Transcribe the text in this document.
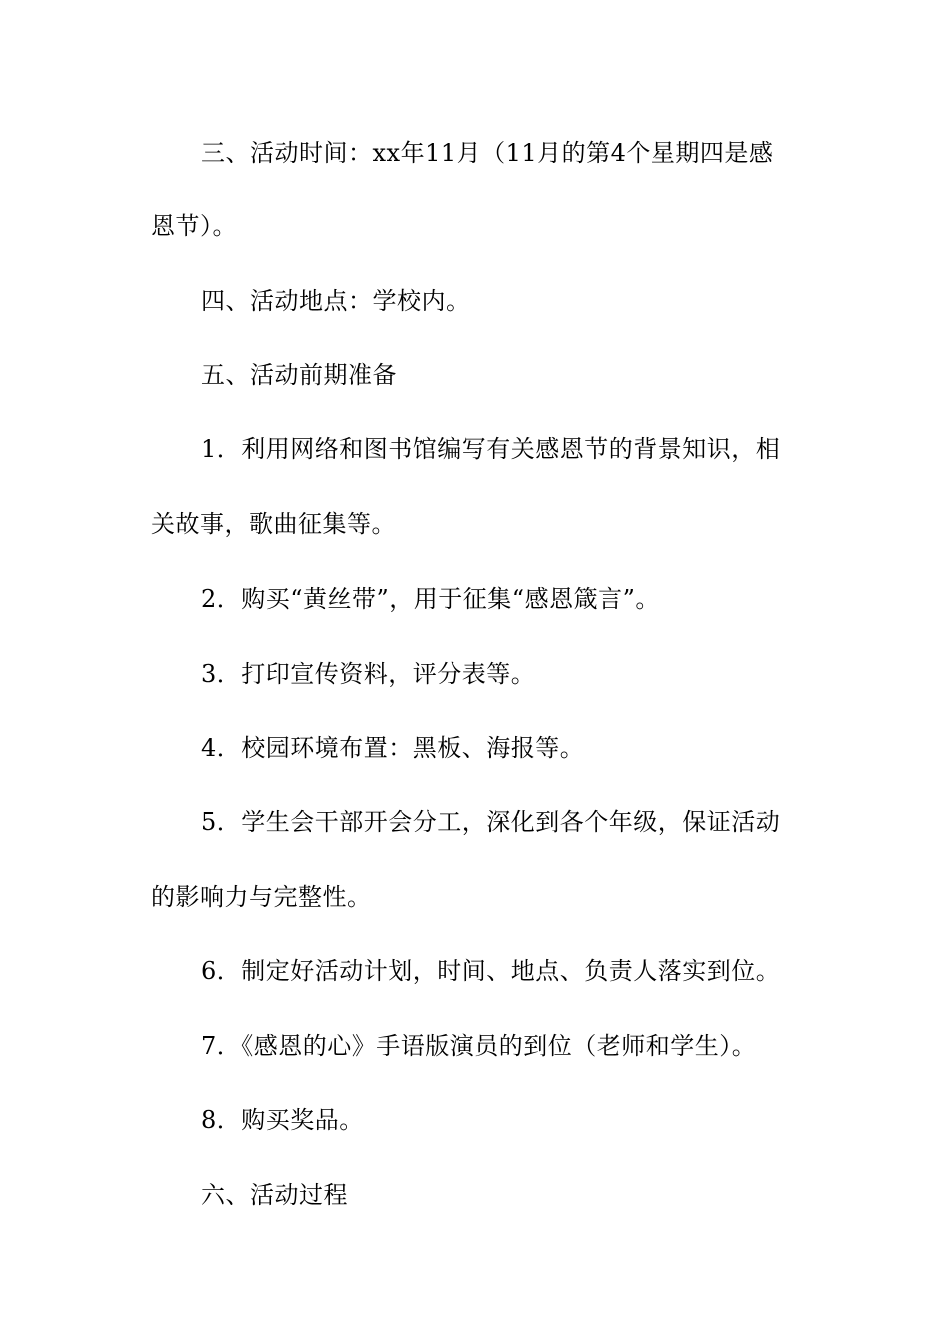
三、活动时间：xx年11月（11月的第4个星期四是感
恩节）。
四、活动地点：学校内。
五、活动前期准备
1．利用网络和图书馆编写有关感恩节的背景知识，相
关故事，歌曲征集等。
2．购买“黄丝带”，用于征集“感恩箴言”。
3．打印宣传资料，评分表等。
4．校园环境布置：黑板、海报等。
5．学生会干部开会分工，深化到各个年级，保证活动
的影响力与完整性。
6．制定好活动计划，时间、地点、负责人落实到位。
7．《感恩的心》手语版演员的到位（老师和学生）。
8．购买奖品。
六、活动过程
